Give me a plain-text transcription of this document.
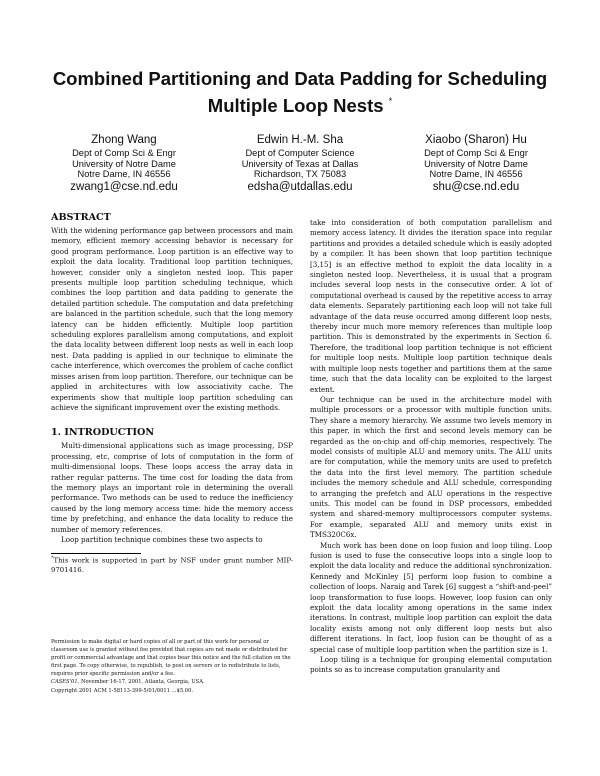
Combined Partitioning and Data Padding for Scheduling
Multiple Loop Nests *
Zhong Wang
Dept of Comp Sci & Engr
University of Notre Dame
Notre Dame, IN 46556
zwang1@cse.nd.edu
Edwin H.-M. Sha
Dept of Computer Science
University of Texas at Dallas
Richardson, TX 75083
edsha@utdallas.edu
Xiaobo (Sharon) Hu
Dept of Comp Sci & Engr
University of Notre Dame
Notre Dame, IN 46556
shu@cse.nd.edu
ABSTRACT

With the widening performance gap between processors and main memory, efficient memory accessing behavior is necessary for good program performance. Loop partition is an effective way to exploit the data locality. Traditional loop partition techniques, however, consider only a singleton nested loop. This paper presents multiple loop partition scheduling technique, which combines the loop partition and data padding to generate the detailed partition schedule. The computation and data prefetching are balanced in the partition schedule, such that the long memory latency can be hidden efficiently. Multiple loop partition scheduling explores parallelism among computations, and exploit the data locality between different loop nests as well in each loop nest. Data padding is applied in our technique to eliminate the cache interference, which overcomes the problem of cache conflict misses arisen from loop partition. Therefore, our technique can be applied in architectures with low associativity cache. The experiments show that multiple loop partition scheduling can achieve the significant improvement over the existing methods.

1. INTRODUCTION

Multi-dimensional applications such as image processing, DSP processing, etc, comprise of lots of computation in the form of multi-dimensional loops. These loops access the array data in rather regular patterns. The time cost for loading the data from the memory plays an important role in determining the overall performance. Two methods can be used to reduce the inefficiency caused by the long memory access time: hide the memory access time by prefetching, and enhance the data locality to reduce the number of memory references.

Loop partition technique combines these two aspects to

*This work is supported in part by NSF under grant number MIP-9701416.

Permission to make digital or hard copies of all or part of this work for personal or classroom use is granted without fee provided that copies are not made or distributed for profit or commercial advantage and that copies bear this notice and the full citation on the first page. To copy otherwise, to republish, to post on servers or to redistribute to lists, requires prior specific permission and/or a fee.
CASES'01, November 16-17, 2001, Atlanta, Georgia, USA.
Copyright 2001 ACM 1-58113-399-5/01/0011 ...$5.00.

take into consideration of both computation parallelism and memory access latency. It divides the iteration space into regular partitions and provides a detailed schedule which is easily adopted by a compiler. It has been shown that loop partition technique [3,15] is an effective method to exploit the data locality in a singleton nested loop. Nevertheless, it is usual that a program includes several loop nests in the consecutive order. A lot of computational overhead is caused by the repetitive access to array data elements. Separately partitioning each loop will not take full advantage of the data reuse occurred among different loop nests, thereby incur much more memory references than multiple loop partition. This is demonstrated by the experiments in Section 6. Therefore, the traditional loop partition technique is not efficient for multiple loop nests. Multiple loop partition technique deals with multiple loop nests together and partitions them at the same time, such that the data locality can be exploited to the largest extent.

Our technique can be used in the architecture model with multiple processors or a processor with multiple function units. They share a memory hierarchy. We assume two levels memory in this paper, in which the first and second levels memory can be regarded as the on-chip and off-chip memories, respectively. The model consists of multiple ALU and memory units. The ALU units are for computation, while the memory units are used to prefetch the data into the first level memory. The partition schedule includes the memory schedule and ALU schedule, corresponding to arranging the prefetch and ALU operations in the respective units. This model can be found in DSP processors, embedded system and shared-memory multiprocessors computer systems. For example, separated ALU and memory units exist in TMS320C6x.

Much work has been done on loop fusion and loop tiling. Loop fusion is used to fuse the consecutive loops into a single loop to exploit the data locality and reduce the additional synchronization. Kennedy and McKinley [5] perform loop fusion to combine a collection of loops. Naraig and Tarek [6] suggest a “shift-and-peel” loop transformation to fuse loops. However, loop fusion can only exploit the data locality among operations in the same index iterations. In contrast, multiple loop partition can exploit the data locality exists among not only different loop nests but also different iterations. In fact, loop fusion can be thought of as a special case of multiple loop partition when the partition size is 1.

Loop tiling is a technique for grouping elemental computation points so as to increase computation granularity and
